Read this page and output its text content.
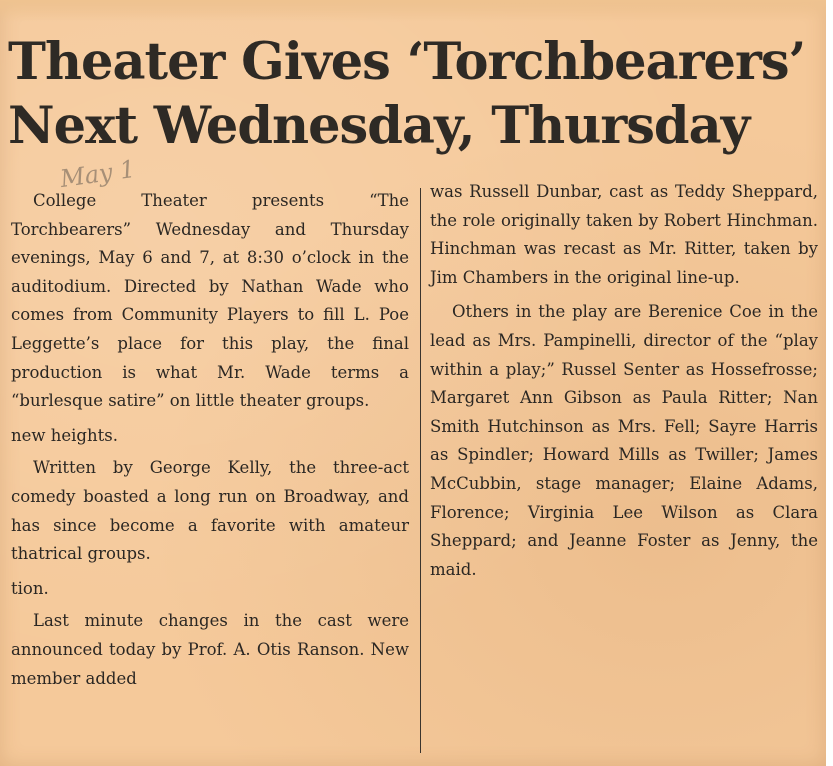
Theater Gives ‘Torchbearers’
Next Wednesday, Thursday
May 1

College Theater presents “The Torchbearers” Wednesday and Thursday evenings, May 6 and 7, at 8:30 o’clock in the auditodium. Directed by Nathan Wade who comes from Community Players to fill L. Poe Leggette’s place for this play, the final production is what Mr. Wade terms a “burlesque satire” on little theater groups.

new heights.

Written by George Kelly, the three-act comedy boasted a long run on Broadway, and has since become a favorite with amateur thatrical groups.

tion.

Last minute changes in the cast were announced today by Prof. A. Otis Ranson. New member added

was Russell Dunbar, cast as Teddy Sheppard, the role originally taken by Robert Hinchman. Hinchman was recast as Mr. Ritter, taken by Jim Chambers in the original line-up.

Others in the play are Berenice Coe in the lead as Mrs. Pampinelli, director of the “play within a play;” Russel Senter as Hossefrosse; Margaret Ann Gibson as Paula Ritter; Nan Smith Hutchinson as Mrs. Fell; Sayre Harris as Spindler; Howard Mills as Twiller; James McCubbin, stage manager; Elaine Adams, Florence; Virginia Lee Wilson as Clara Sheppard; and Jeanne Foster as Jenny, the maid.
